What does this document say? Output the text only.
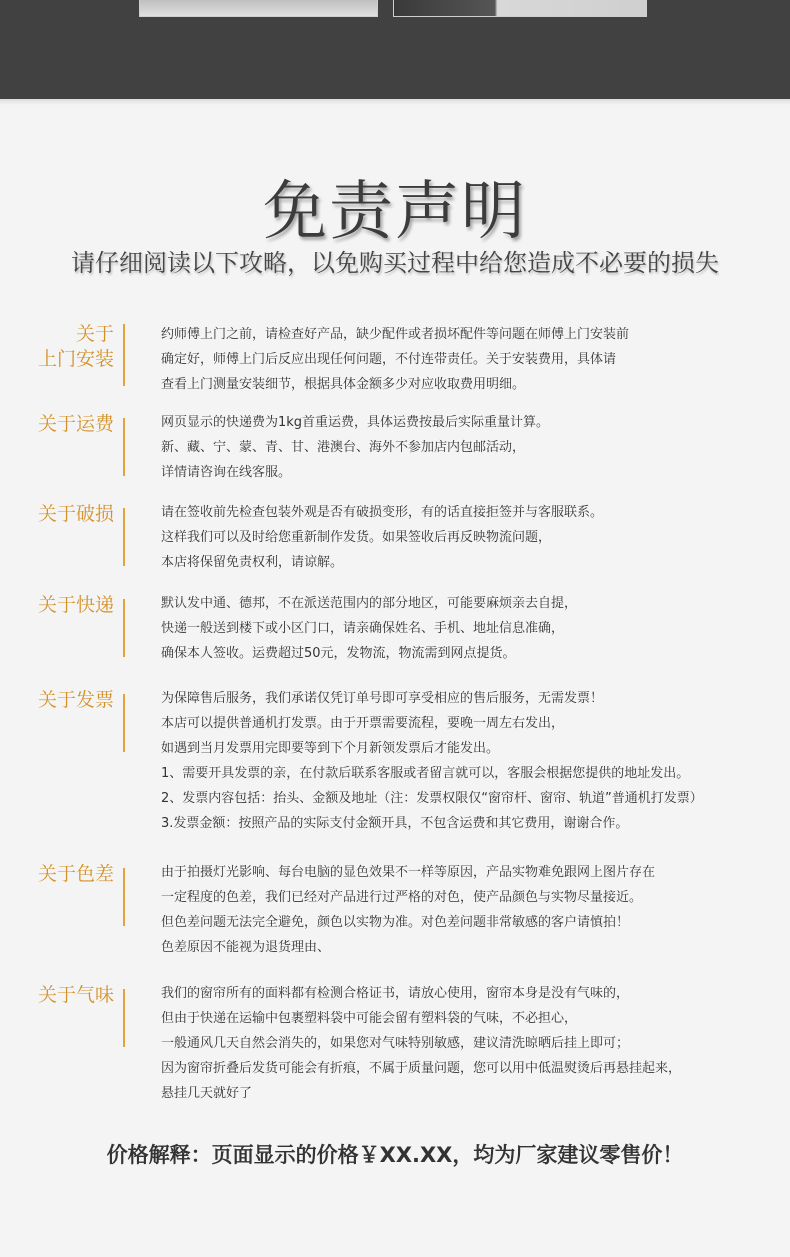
免责声明
请仔细阅读以下攻略，以免购买过程中给您造成不必要的损失
关于
上门安装
约师傅上门之前，请检查好产品，缺少配件或者损坏配件等问题在师傅上门安装前
确定好，师傅上门后反应出现任何问题，不付连带责任。关于安装费用，具体请
查看上门测量安装细节，根据具体金额多少对应收取费用明细。
关于运费	网页显示的快递费为1kg首重运费，具体运费按最后实际重量计算。
新、藏、宁、蒙、青、甘、港澳台、海外不参加店内包邮活动，
详情请咨询在线客服。
关于破损	请在签收前先检查包装外观是否有破损变形，有的话直接拒签并与客服联系。
这样我们可以及时给您重新制作发货。如果签收后再反映物流问题，
本店将保留免责权利，请谅解。
关于快递	默认发中通、德邦，不在派送范围内的部分地区，可能要麻烦亲去自提，
快递一般送到楼下或小区门口，请亲确保姓名、手机、地址信息准确，
确保本人签收。运费超过50元，发物流，物流需到网点提货。
关于发票	为保障售后服务，我们承诺仅凭订单号即可享受相应的售后服务，无需发票！
本店可以提供普通机打发票。由于开票需要流程，要晚一周左右发出，
如遇到当月发票用完即要等到下个月新领发票后才能发出。
1、需要开具发票的亲，在付款后联系客服或者留言就可以，客服会根据您提供的地址发出。
2、发票内容包括：抬头、金额及地址（注：发票权限仅“窗帘杆、窗帘、轨道”普通机打发票）
3.发票金额：按照产品的实际支付金额开具，不包含运费和其它费用，谢谢合作。
关于色差	由于拍摄灯光影响、每台电脑的显色效果不一样等原因，产品实物难免跟网上图片存在
一定程度的色差，我们已经对产品进行过严格的对色，使产品颜色与实物尽量接近。
但色差问题无法完全避免，颜色以实物为准。对色差问题非常敏感的客户请慎拍！
色差原因不能视为退货理由、
关于气味	我们的窗帘所有的面料都有检测合格证书，请放心使用，窗帘本身是没有气味的，
但由于快递在运输中包裹塑料袋中可能会留有塑料袋的气味，不必担心，
一般通风几天自然会消失的，如果您对气味特别敏感，建议清洗晾晒后挂上即可；
因为窗帘折叠后发货可能会有折痕，不属于质量问题，您可以用中低温熨烫后再悬挂起来，
悬挂几天就好了
价格解释：页面显示的价格￥XX.XX，均为厂家建议零售价！
